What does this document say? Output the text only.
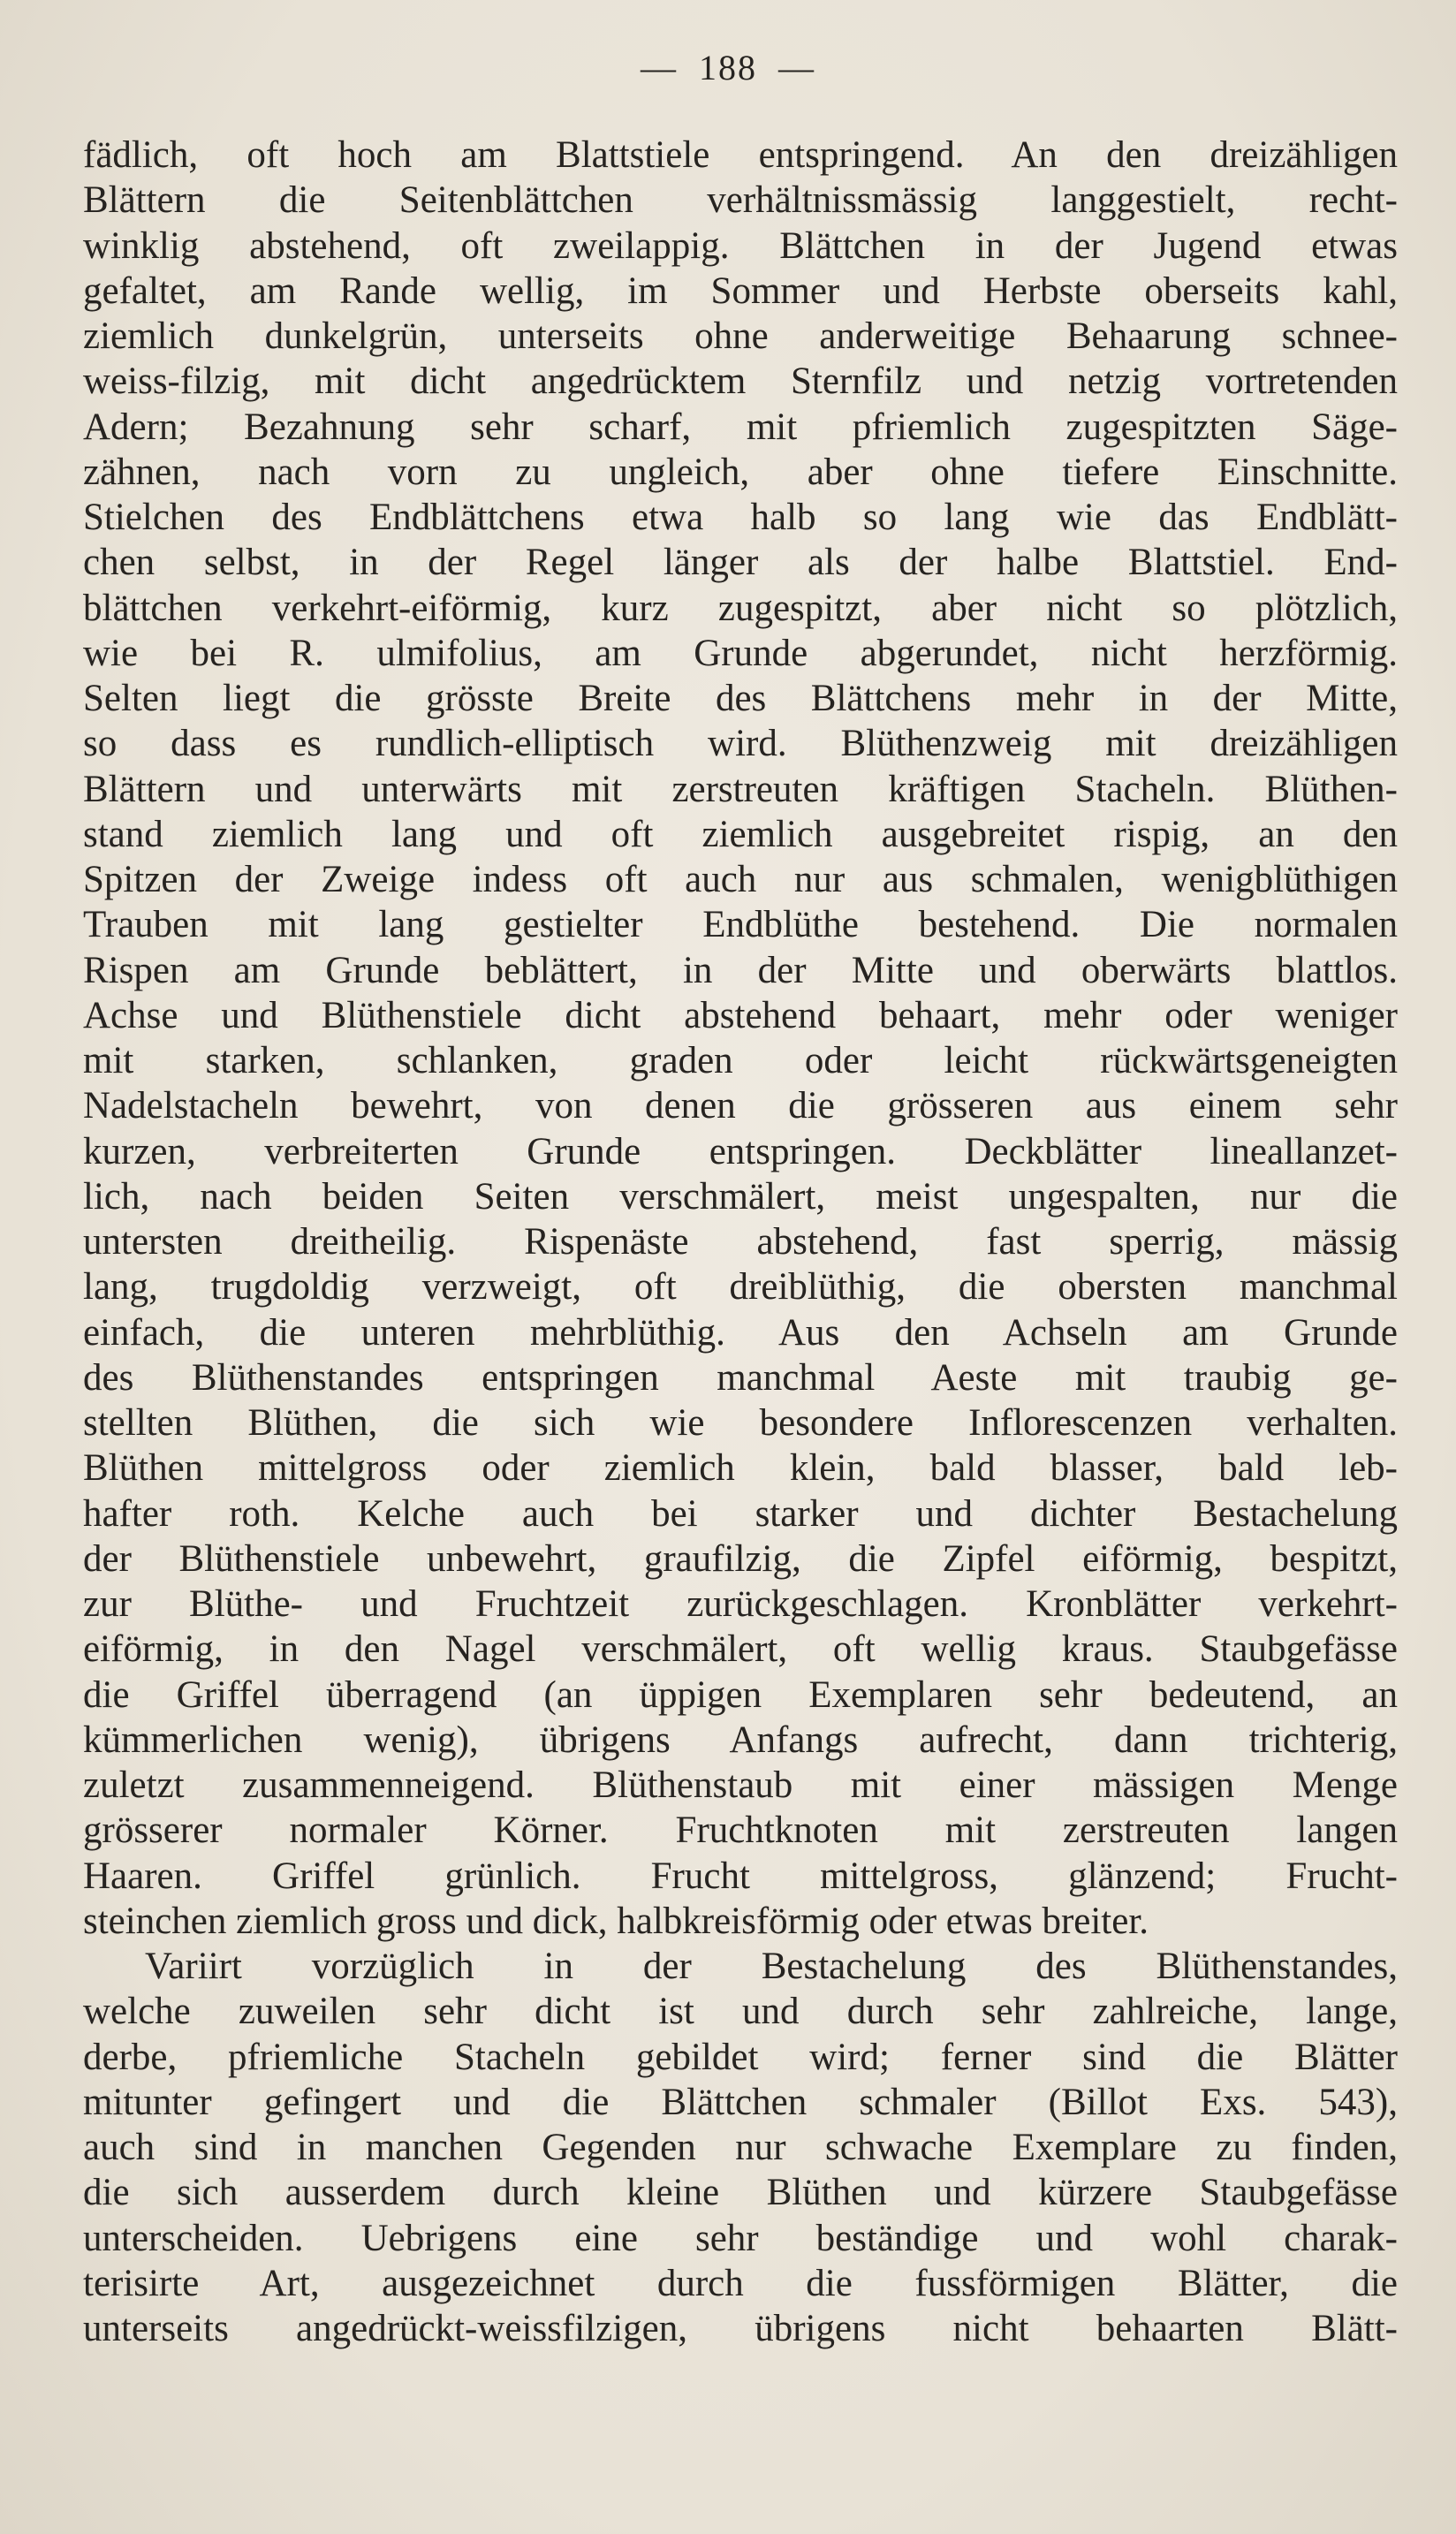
— 188 —
fädlich, oft hoch am Blattstiele entspringend. An den dreizähligen
Blättern die Seitenblättchen verhältnissmässig langgestielt, recht-
winklig abstehend, oft zweilappig. Blättchen in der Jugend etwas
gefaltet, am Rande wellig, im Sommer und Herbste oberseits kahl,
ziemlich dunkelgrün, unterseits ohne anderweitige Behaarung schnee-
weiss-filzig, mit dicht angedrücktem Sternfilz und netzig vortretenden
Adern; Bezahnung sehr scharf, mit pfriemlich zugespitzten Säge-
zähnen, nach vorn zu ungleich, aber ohne tiefere Einschnitte.
Stielchen des Endblättchens etwa halb so lang wie das Endblätt-
chen selbst, in der Regel länger als der halbe Blattstiel. End-
blättchen verkehrt-eiförmig, kurz zugespitzt, aber nicht so plötzlich,
wie bei R. ulmifolius, am Grunde abgerundet, nicht herzförmig.
Selten liegt die grösste Breite des Blättchens mehr in der Mitte,
so dass es rundlich-elliptisch wird. Blüthenzweig mit dreizähligen
Blättern und unterwärts mit zerstreuten kräftigen Stacheln. Blüthen-
stand ziemlich lang und oft ziemlich ausgebreitet rispig, an den
Spitzen der Zweige indess oft auch nur aus schmalen, wenigblüthigen
Trauben mit lang gestielter Endblüthe bestehend. Die normalen
Rispen am Grunde beblättert, in der Mitte und oberwärts blattlos.
Achse und Blüthenstiele dicht abstehend behaart, mehr oder weniger
mit starken, schlanken, graden oder leicht rückwärtsgeneigten
Nadelstacheln bewehrt, von denen die grösseren aus einem sehr
kurzen, verbreiterten Grunde entspringen. Deckblätter lineallanzet-
lich, nach beiden Seiten verschmälert, meist ungespalten, nur die
untersten dreitheilig. Rispenäste abstehend, fast sperrig, mässig
lang, trugdoldig verzweigt, oft dreiblüthig, die obersten manchmal
einfach, die unteren mehrblüthig. Aus den Achseln am Grunde
des Blüthenstandes entspringen manchmal Aeste mit traubig ge-
stellten Blüthen, die sich wie besondere Inflorescenzen verhalten.
Blüthen mittelgross oder ziemlich klein, bald blasser, bald leb-
hafter roth. Kelche auch bei starker und dichter Bestachelung
der Blüthenstiele unbewehrt, graufilzig, die Zipfel eiförmig, bespitzt,
zur Blüthe- und Fruchtzeit zurückgeschlagen. Kronblätter verkehrt-
eiförmig, in den Nagel verschmälert, oft wellig kraus. Staubgefässe
die Griffel überragend (an üppigen Exemplaren sehr bedeutend, an
kümmerlichen wenig), übrigens Anfangs aufrecht, dann trichterig,
zuletzt zusammenneigend. Blüthenstaub mit einer mässigen Menge
grösserer normaler Körner. Fruchtknoten mit zerstreuten langen
Haaren. Griffel grünlich. Frucht mittelgross, glänzend; Frucht-
steinchen ziemlich gross und dick, halbkreisförmig oder etwas breiter.
Variirt vorzüglich in der Bestachelung des Blüthenstandes,
welche zuweilen sehr dicht ist und durch sehr zahlreiche, lange,
derbe, pfriemliche Stacheln gebildet wird; ferner sind die Blätter
mitunter gefingert und die Blättchen schmaler (Billot Exs. 543),
auch sind in manchen Gegenden nur schwache Exemplare zu finden,
die sich ausserdem durch kleine Blüthen und kürzere Staubgefässe
unterscheiden. Uebrigens eine sehr beständige und wohl charak-
terisirte Art, ausgezeichnet durch die fussförmigen Blätter, die
unterseits angedrückt-weissfilzigen, übrigens nicht behaarten Blätt-
